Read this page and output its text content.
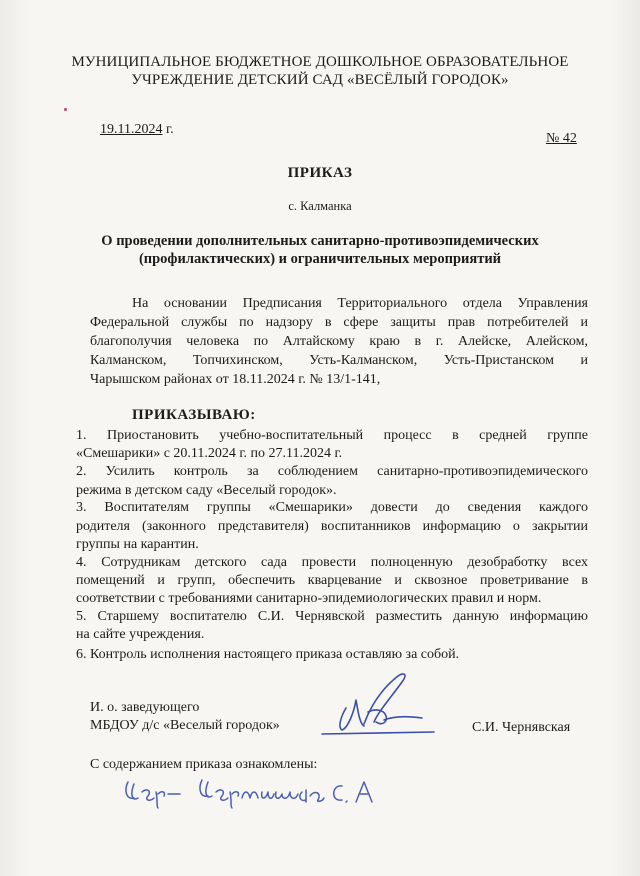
МУНИЦИПАЛЬНОЕ БЮДЖЕТНОЕ ДОШКОЛЬНОЕ ОБРАЗОВАТЕЛЬНОЕ
УЧРЕЖДЕНИЕ ДЕТСКИЙ САД «ВЕСЁЛЫЙ ГОРОДОК»
19.11.2024 г.
№ 42
ПРИКАЗ
с. Калманка
О проведении дополнительных санитарно-противоэпидемических
(профилактических) и ограничительных мероприятий
На основании Предписания Территориального отдела Управления
Федеральной службы по надзору в сфере защиты прав потребителей и
благополучия человека по Алтайскому краю в г. Алейске, Алейском,
Калманском, Топчихинском, Усть-Калманском, Усть-Пристанском и
Чарышском районах от 18.11.2024 г. № 13/1-141,
ПРИКАЗЫВАЮ:
1. Приостановить учебно-воспитательный процесс в средней группе
«Смешарики» с 20.11.2024 г. по 27.11.2024 г.
2. Усилить контроль за соблюдением санитарно-противоэпидемического
режима в детском саду «Веселый городок».
3. Воспитателям группы «Смешарики» довести до сведения каждого
родителя (законного представителя) воспитанников информацию о закрытии
группы на карантин.
4. Сотрудникам детского сада провести полноценную дезобработку всех
помещений и групп, обеспечить кварцевание и сквозное проветривание в
соответствии с требованиями санитарно-эпидемиологических правил и норм.
5. Старшему воспитателю С.И. Чернявской разместить данную информацию
на сайте учреждения.
6. Контроль исполнения настоящего приказа оставляю за собой.
И. о. заведующего
МБДОУ д/с «Веселый городок»	С.И. Чернявская
С содержанием приказа ознакомлены:
